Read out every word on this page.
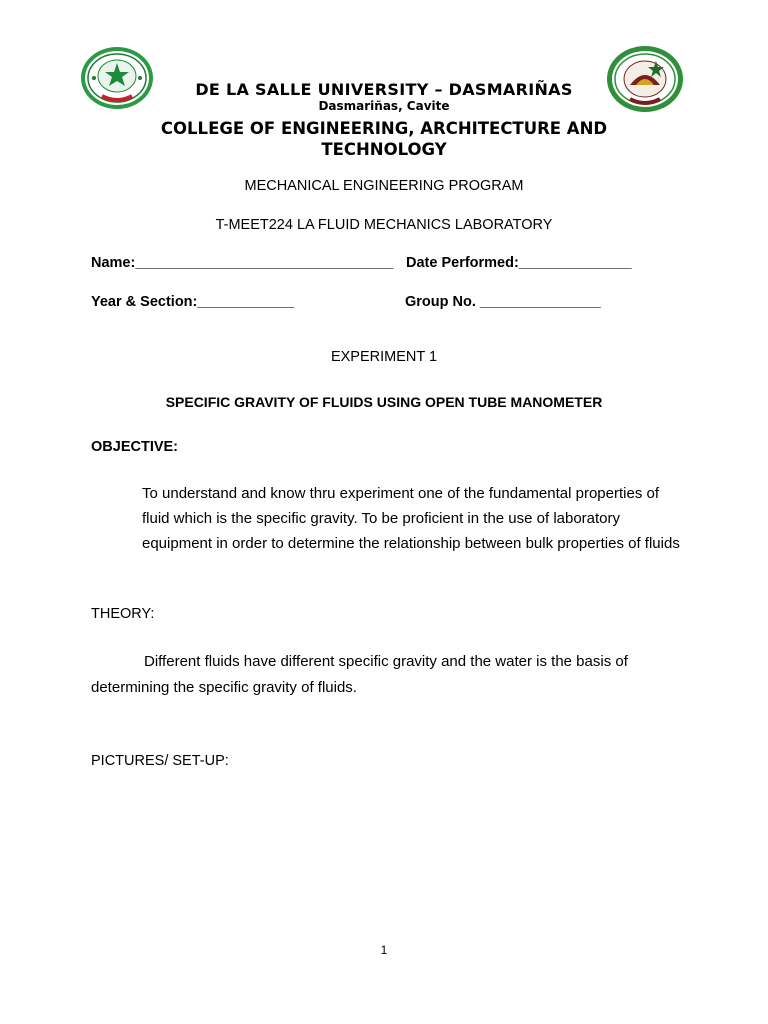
DE LA SALLE UNIVERSITY – DASMARIÑAS
Dasmariñas, Cavite
COLLEGE OF ENGINEERING, ARCHITECTURE AND TECHNOLOGY
MECHANICAL ENGINEERING PROGRAM
T-MEET224 LA FLUID MECHANICS LABORATORY
Name:________________________________ Date Performed:______________
Year & Section:____________	Group No. _______________
EXPERIMENT 1
SPECIFIC GRAVITY OF FLUIDS USING OPEN TUBE MANOMETER
OBJECTIVE:
To understand and know thru experiment one of the fundamental properties of fluid which is the specific gravity. To be proficient in the use of laboratory equipment in order to determine the relationship between bulk properties of fluids
THEORY:
Different fluids have different specific gravity and the water is the basis of determining the specific gravity of fluids.
PICTURES/ SET-UP:
1
